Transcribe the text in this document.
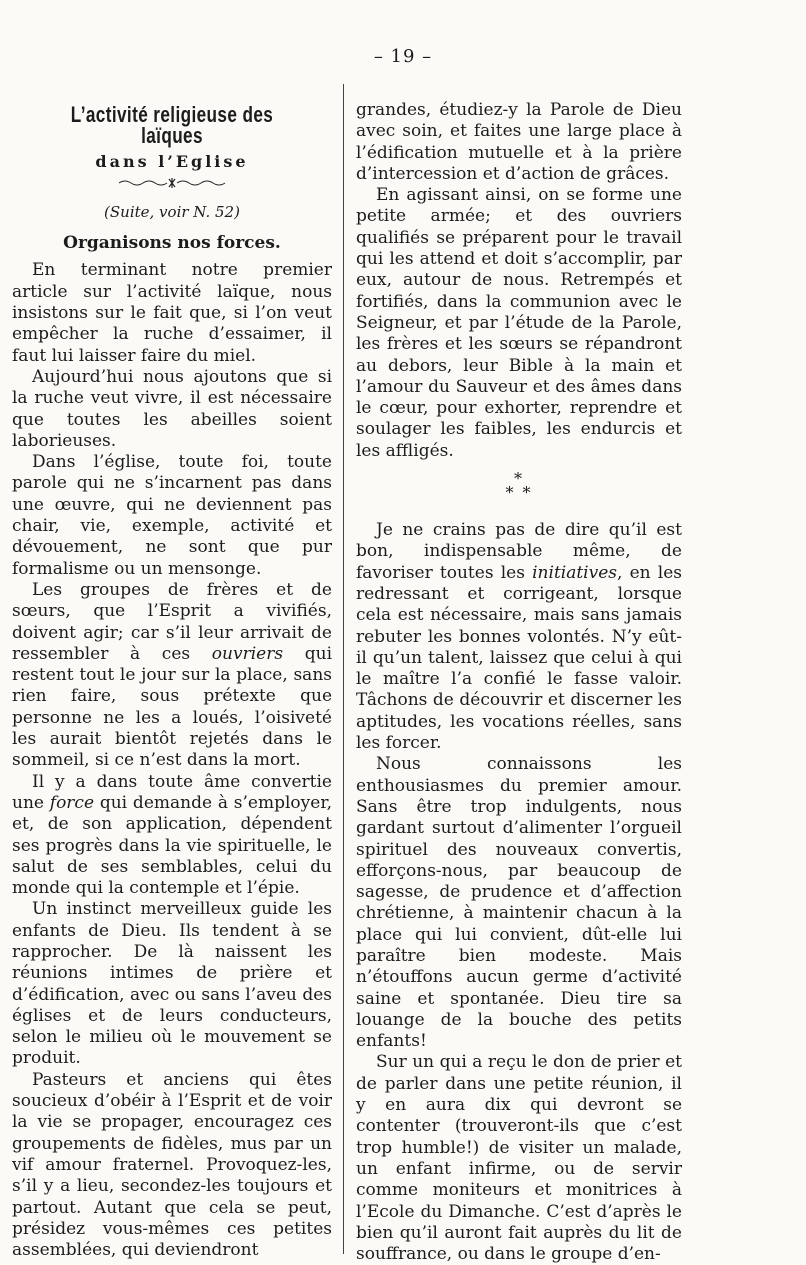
– 19 –
L’activité religieuse des laïques
dans l’Eglise
(Suite, voir N. 52)
Organisons nos forces.

En terminant notre premier article sur l’activité laïque, nous insistons sur le fait que, si l’on veut empêcher la ruche d’essaimer, il faut lui laisser faire du miel.

Aujourd’hui nous ajoutons que si la ruche veut vivre, il est nécessaire que toutes les abeilles soient laborieuses.

Dans l’église, toute foi, toute parole qui ne s’incarnent pas dans une œuvre, qui ne deviennent pas chair, vie, exemple, activité et dévouement, ne sont que pur formalisme ou un mensonge.

Les groupes de frères et de sœurs, que l’Esprit a vivifiés, doivent agir; car s’il leur arrivait de ressembler à ces ouvriers qui restent tout le jour sur la place, sans rien faire, sous prétexte que personne ne les a loués, l’oisiveté les aurait bientôt rejetés dans le sommeil, si ce n’est dans la mort.

Il y a dans toute âme convertie une force qui demande à s’employer, et, de son application, dépendent ses progrès dans la vie spirituelle, le salut de ses semblables, celui du monde qui la contemple et l’épie.

Un instinct merveilleux guide les enfants de Dieu. Ils tendent à se rapprocher. De là naissent les réunions intimes de prière et d’édification, avec ou sans l’aveu des églises et de leurs conducteurs, selon le milieu où le mouvement se produit.

Pasteurs et anciens qui êtes soucieux d’obéir à l’Esprit et de voir la vie se propager, encouragez ces groupements de fidèles, mus par un vif amour fraternel. Provoquez-les, s’il y a lieu, secondez-les toujours et partout. Autant que cela se peut, présidez vous-mêmes ces petites assemblées, qui deviendront

grandes, étudiez-y la Parole de Dieu avec soin, et faites une large place à l’édification mutuelle et à la prière d’intercession et d’action de grâces.

En agissant ainsi, on se forme une petite armée; et des ouvriers qualifiés se préparent pour le travail qui les attend et doit s’accomplir, par eux, autour de nous. Retrempés et fortifiés, dans la communion avec le Seigneur, et par l’étude de la Parole, les frères et les sœurs se répandront au debors, leur Bible à la main et l’amour du Sauveur et des âmes dans le cœur, pour exhorter, reprendre et soulager les faibles, les endurcis et les affligés.

*
* *

Je ne crains pas de dire qu’il est bon, indispensable même, de favoriser toutes les initiatives, en les redressant et corrigeant, lorsque cela est nécessaire, mais sans jamais rebuter les bonnes volontés. N’y eût-il qu’un talent, laissez que celui à qui le maître l’a confié le fasse valoir. Tâchons de découvrir et discerner les aptitudes, les vocations réelles, sans les forcer.

Nous connaissons les enthousiasmes du premier amour. Sans être trop indulgents, nous gardant surtout d’alimenter l’orgueil spirituel des nouveaux convertis, efforçons-nous, par beaucoup de sagesse, de prudence et d’affection chrétienne, à maintenir chacun à la place qui lui convient, dût-elle lui paraître bien modeste. Mais n’étouffons aucun germe d’activité saine et spontanée. Dieu tire sa louange de la bouche des petits enfants!

Sur un qui a reçu le don de prier et de parler dans une petite réunion, il y en aura dix qui devront se contenter (trouveront-ils que c’est trop humble!) de visiter un malade, un enfant infirme, ou de servir comme moniteurs et monitrices à l’Ecole du Dimanche. C’est d’après le bien qu’il auront fait auprès du lit de souffrance, ou dans le groupe d’en-
